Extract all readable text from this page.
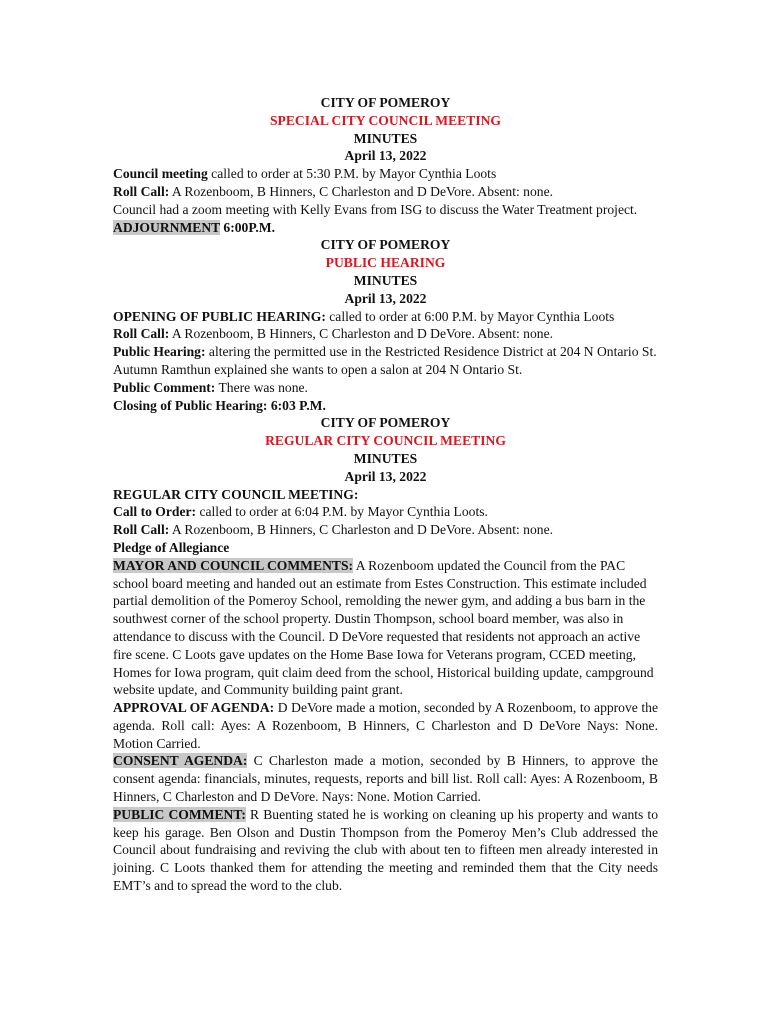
CITY OF POMEROY

SPECIAL CITY COUNCIL MEETING

MINUTES

April 13, 2022

Council meeting called to order at 5:30 P.M. by Mayor Cynthia Loots

Roll Call: A Rozenboom, B Hinners, C Charleston and D DeVore. Absent: none.

Council had a zoom meeting with Kelly Evans from ISG to discuss the Water Treatment project.

ADJOURNMENT 6:00P.M.

CITY OF POMEROY

PUBLIC HEARING

MINUTES

April 13, 2022

OPENING OF PUBLIC HEARING: called to order at 6:00 P.M. by Mayor Cynthia Loots

Roll Call: A Rozenboom, B Hinners, C Charleston and D DeVore. Absent: none.

Public Hearing: altering the permitted use in the Restricted Residence District at 204 N Ontario St. Autumn Ramthun explained she wants to open a salon at 204 N Ontario St.

Public Comment: There was none.

Closing of Public Hearing: 6:03 P.M.

CITY OF POMEROY

REGULAR CITY COUNCIL MEETING

MINUTES

April 13, 2022

REGULAR CITY COUNCIL MEETING:

Call to Order: called to order at 6:04 P.M. by Mayor Cynthia Loots.

Roll Call: A Rozenboom, B Hinners, C Charleston and D DeVore. Absent: none.

Pledge of Allegiance

MAYOR AND COUNCIL COMMENTS: A Rozenboom updated the Council from the PAC school board meeting and handed out an estimate from Estes Construction. This estimate included partial demolition of the Pomeroy School, remolding the newer gym, and adding a bus barn in the southwest corner of the school property. Dustin Thompson, school board member, was also in attendance to discuss with the Council. D DeVore requested that residents not approach an active fire scene. C Loots gave updates on the Home Base Iowa for Veterans program, CCED meeting, Homes for Iowa program, quit claim deed from the school, Historical building update, campground website update, and Community building paint grant.

APPROVAL OF AGENDA: D DeVore made a motion, seconded by A Rozenboom, to approve the agenda. Roll call: Ayes: A Rozenboom, B Hinners, C Charleston and D DeVore Nays: None. Motion Carried.

CONSENT AGENDA: C Charleston made a motion, seconded by B Hinners, to approve the consent agenda: financials, minutes, requests, reports and bill list. Roll call: Ayes: A Rozenboom, B Hinners, C Charleston and D DeVore. Nays: None. Motion Carried.

PUBLIC COMMENT: R Buenting stated he is working on cleaning up his property and wants to keep his garage. Ben Olson and Dustin Thompson from the Pomeroy Men’s Club addressed the Council about fundraising and reviving the club with about ten to fifteen men already interested in joining. C Loots thanked them for attending the meeting and reminded them that the City needs EMT’s and to spread the word to the club.
